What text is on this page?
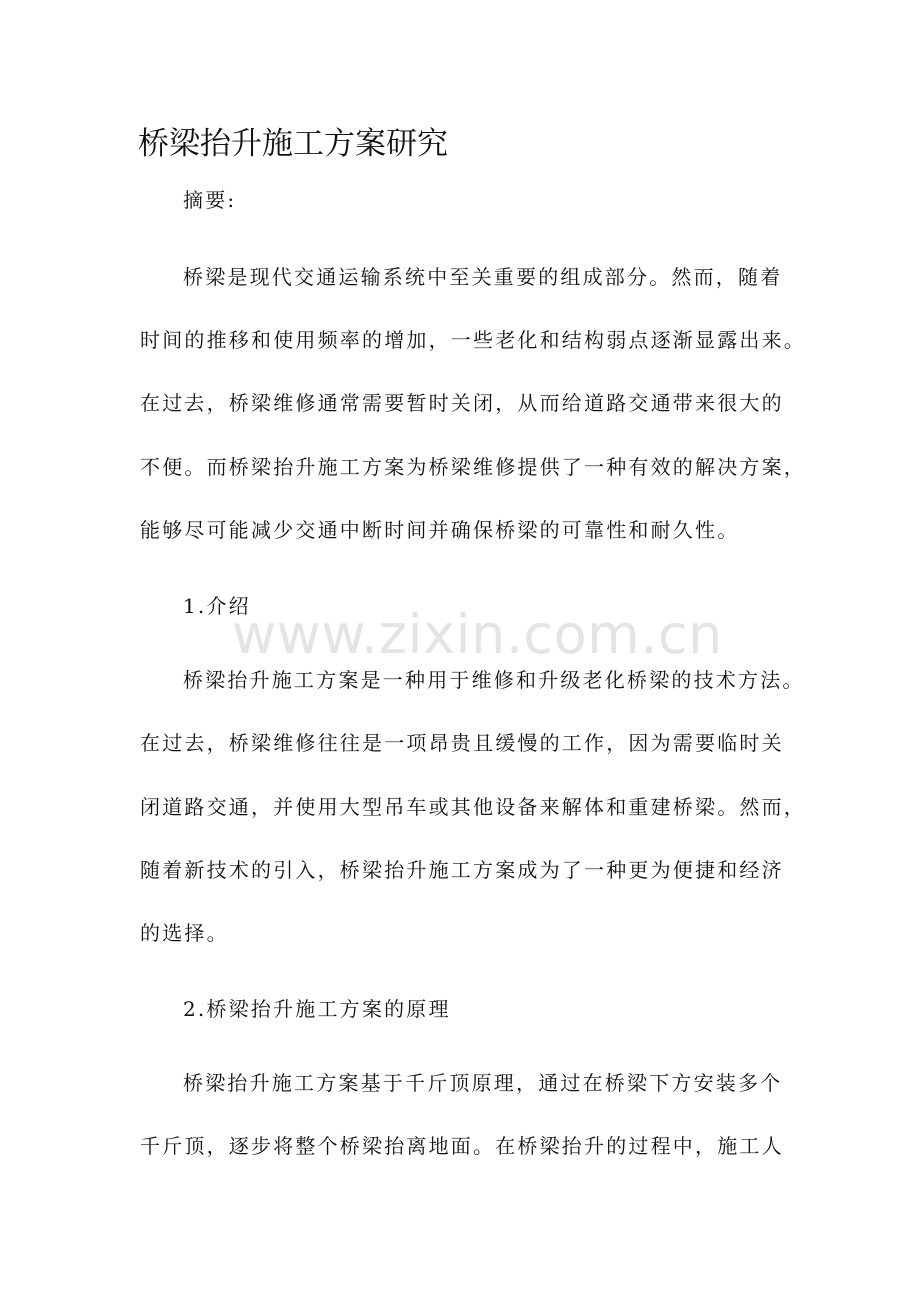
桥梁抬升施工方案研究
摘要:
桥梁是现代交通运输系统中至关重要的组成部分。然而，随着
时间的推移和使用频率的增加，一些老化和结构弱点逐渐显露出来。
在过去，桥梁维修通常需要暂时关闭，从而给道路交通带来很大的
不便。而桥梁抬升施工方案为桥梁维修提供了一种有效的解决方案，
能够尽可能减少交通中断时间并确保桥梁的可靠性和耐久性。
1.介绍
桥梁抬升施工方案是一种用于维修和升级老化桥梁的技术方法。
在过去，桥梁维修往往是一项昂贵且缓慢的工作，因为需要临时关
闭道路交通，并使用大型吊车或其他设备来解体和重建桥梁。然而，
随着新技术的引入，桥梁抬升施工方案成为了一种更为便捷和经济
的选择。
2.桥梁抬升施工方案的原理
桥梁抬升施工方案基于千斤顶原理，通过在桥梁下方安装多个
千斤顶，逐步将整个桥梁抬离地面。在桥梁抬升的过程中，施工人
www.zixin.com.cn
